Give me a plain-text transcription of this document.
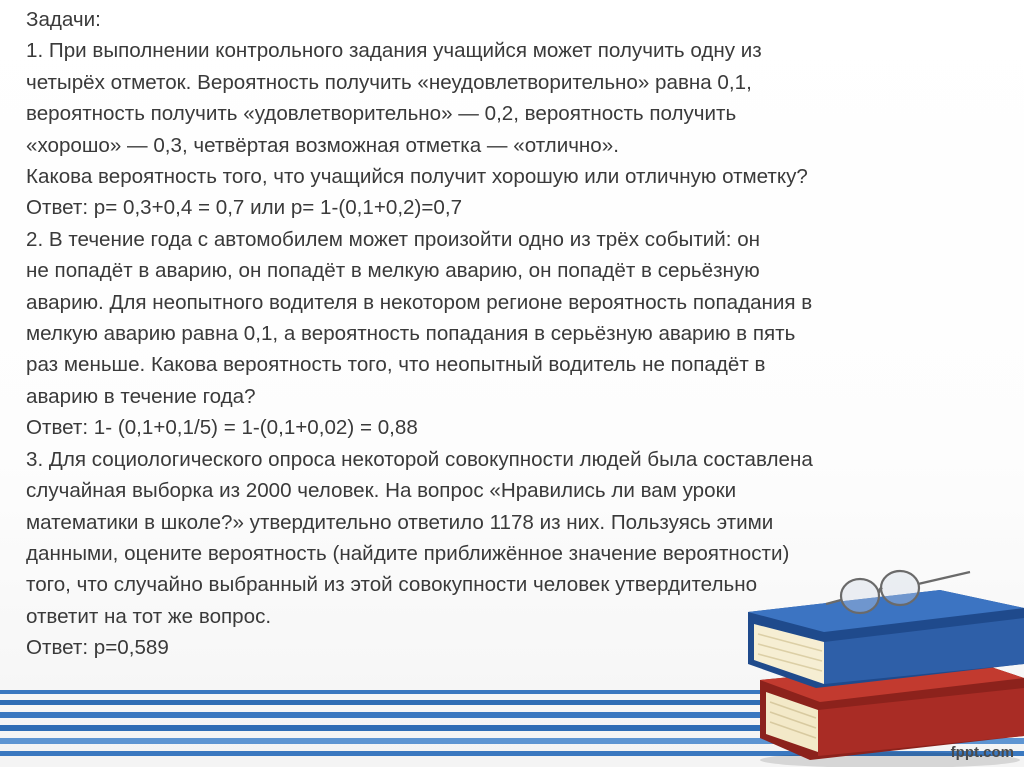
Задачи:
1. При выполнении контрольного задания учащийся может получить одну из
четырёх отметок. Вероятность получить «неудовлетворительно» равна 0,1,
вероятность получить «удовлетворительно» — 0,2, вероятность получить
«хорошо» — 0,3, четвёртая возможная отметка — «отлично».
Какова вероятность того, что учащийся получит хорошую или отличную отметку?
Ответ: р= 0,3+0,4 = 0,7 или р= 1-(0,1+0,2)=0,7
2. В течение года с автомобилем может произойти одно из трёх событий: он
не попадёт в аварию, он попадёт в мелкую аварию, он попадёт в серьёзную
аварию. Для неопытного водителя в некотором регионе вероятность попадания в
мелкую аварию равна 0,1, а вероятность попадания в серьёзную аварию в пять
раз меньше. Какова вероятность того, что неопытный водитель не попадёт в
аварию в течение года?
Ответ: 1- (0,1+0,1/5) = 1-(0,1+0,02) = 0,88
3. Для социологического опроса некоторой совокупности людей была составлена
случайная выборка из 2000 человек. На вопрос «Нравились ли вам уроки
математики в школе?» утвердительно ответило 1178 из них. Пользуясь этими
данными, оцените вероятность (найдите приближённое значение вероятности)
того, что случайно выбранный из этой совокупности человек утвердительно
ответит на тот же вопрос.
Ответ: р=0,589
fppt.com
